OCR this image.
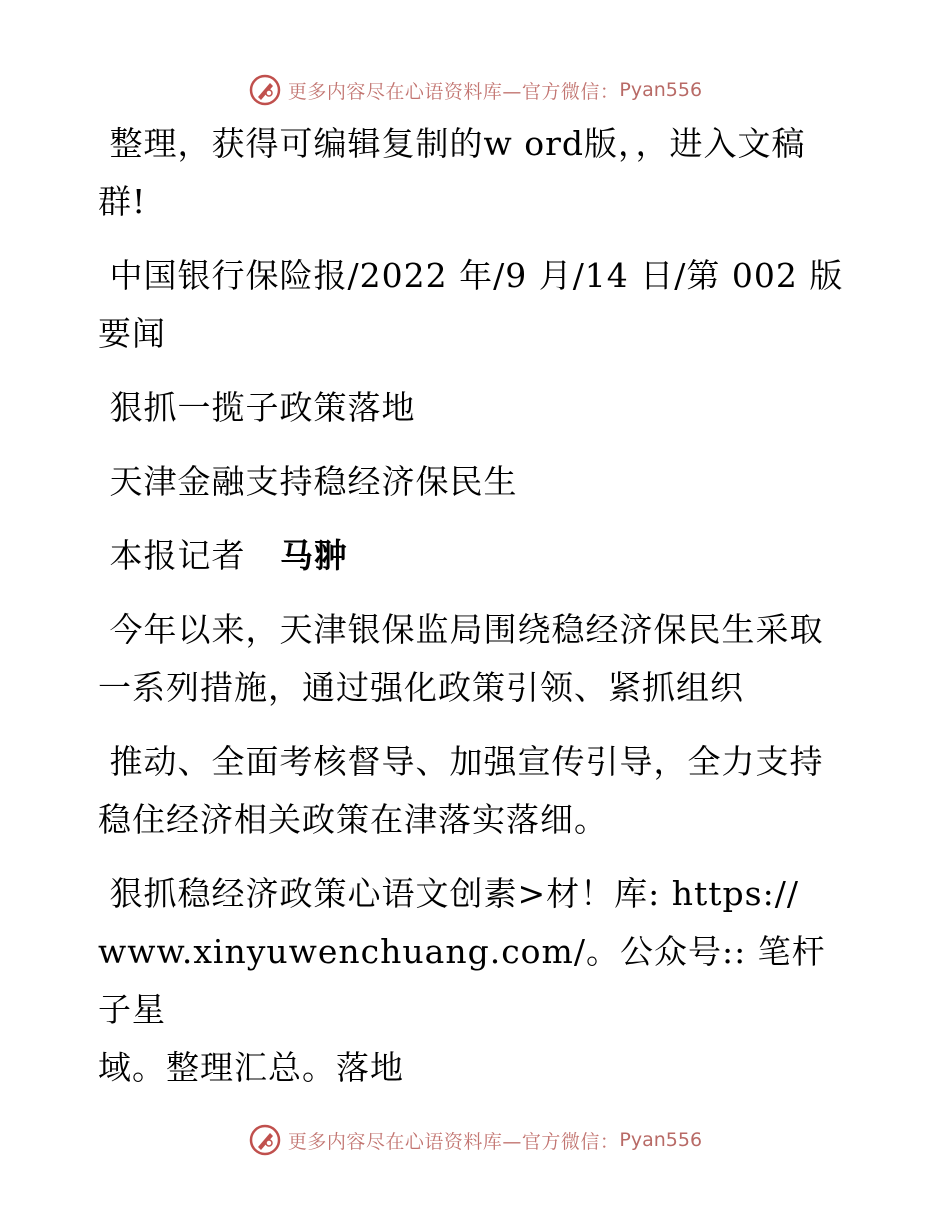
更多内容尽在心语资料库—官方微信： Pyan556

整理，获得可编辑复制的w ord版，，进入文稿

群!

中国银行保险报/2022 年/9 月/14 日/第 002 版

要闻

狠抓一揽子政策落地

天津金融支持稳经济保民生

本报记者   马翀

今年以来，天津银保监局围绕稳经济保民生采取

一系列措施，通过强化政策引领、紧抓组织

推动、全面考核督导、加强宣传引导，全力支持

稳住经济相关政策在津落实落细。

狠抓稳经济政策心语文创素>材！库: https://

www.xinyuwenchuang.com/。公众号:: 笔杆子星

域。整理汇总。落地

更多内容尽在心语资料库—官方微信： Pyan556
